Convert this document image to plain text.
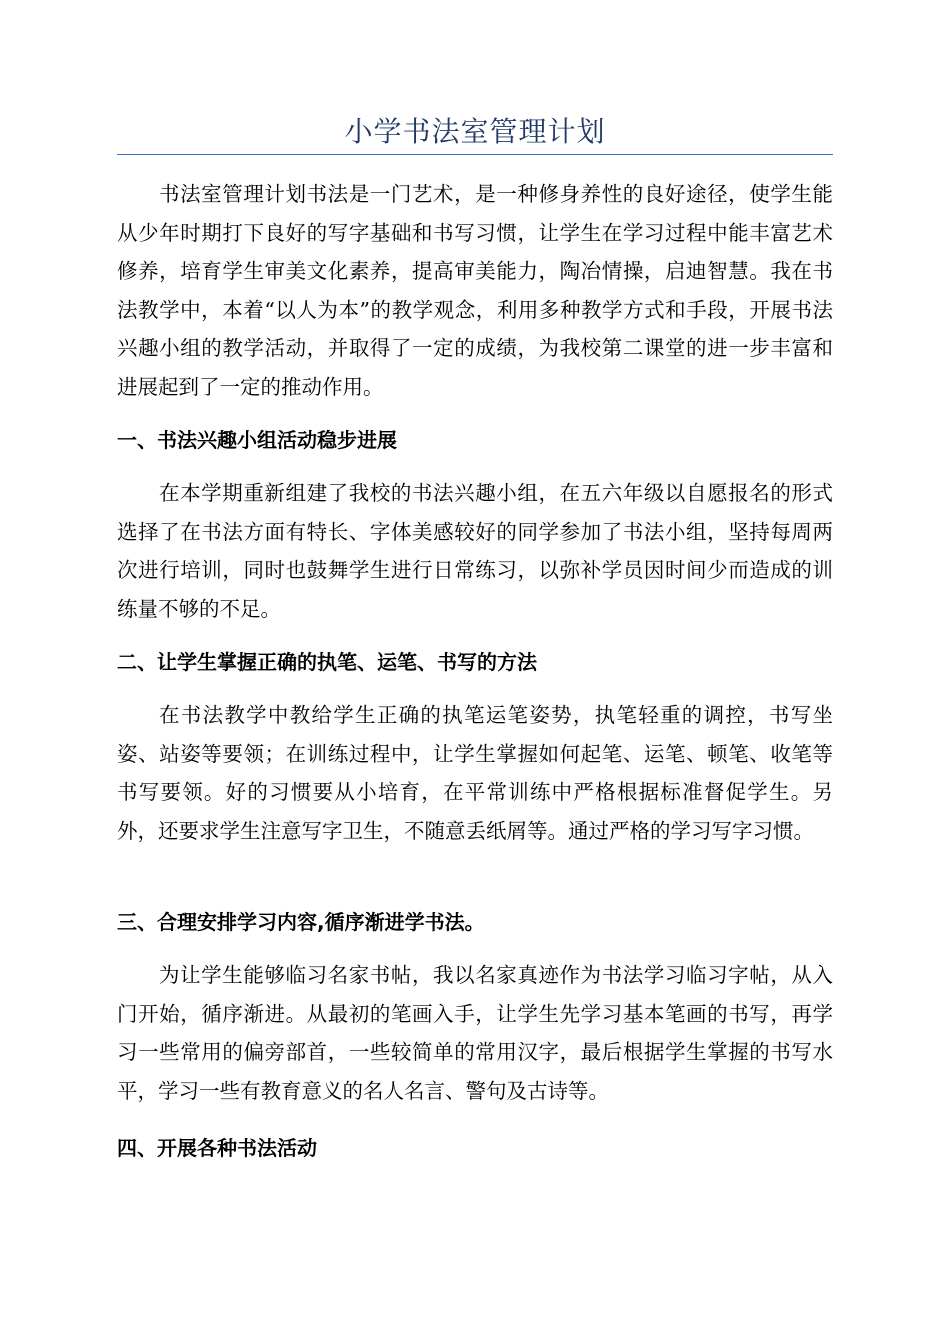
小学书法室管理计划

书法室管理计划书法是一门艺术，是一种修身养性的良好途径，使学生能从少年时期打下良好的写字基础和书写习惯，让学生在学习过程中能丰富艺术修养，培育学生审美文化素养，提高审美能力，陶冶情操，启迪智慧。我在书法教学中，本着“以人为本”的教学观念，利用多种教学方式和手段，开展书法兴趣小组的教学活动，并取得了一定的成绩，为我校第二课堂的进一步丰富和进展起到了一定的推动作用。

一、书法兴趣小组活动稳步进展

在本学期重新组建了我校的书法兴趣小组，在五六年级以自愿报名的形式选择了在书法方面有特长、字体美感较好的同学参加了书法小组，坚持每周两次进行培训，同时也鼓舞学生进行日常练习，以弥补学员因时间少而造成的训练量不够的不足。

二、让学生掌握正确的执笔、运笔、书写的方法

在书法教学中教给学生正确的执笔运笔姿势，执笔轻重的调控，书写坐姿、站姿等要领；在训练过程中，让学生掌握如何起笔、运笔、顿笔、收笔等书写要领。好的习惯要从小培育，在平常训练中严格根据标准督促学生。另外，还要求学生注意写字卫生，不随意丢纸屑等。通过严格的学习写字习惯。

三、合理安排学习内容,循序渐进学书法。

为让学生能够临习名家书帖，我以名家真迹作为书法学习临习字帖，从入门开始，循序渐进。从最初的笔画入手，让学生先学习基本笔画的书写，再学习一些常用的偏旁部首，一些较简单的常用汉字，最后根据学生掌握的书写水平，学习一些有教育意义的名人名言、警句及古诗等。

四、开展各种书法活动
